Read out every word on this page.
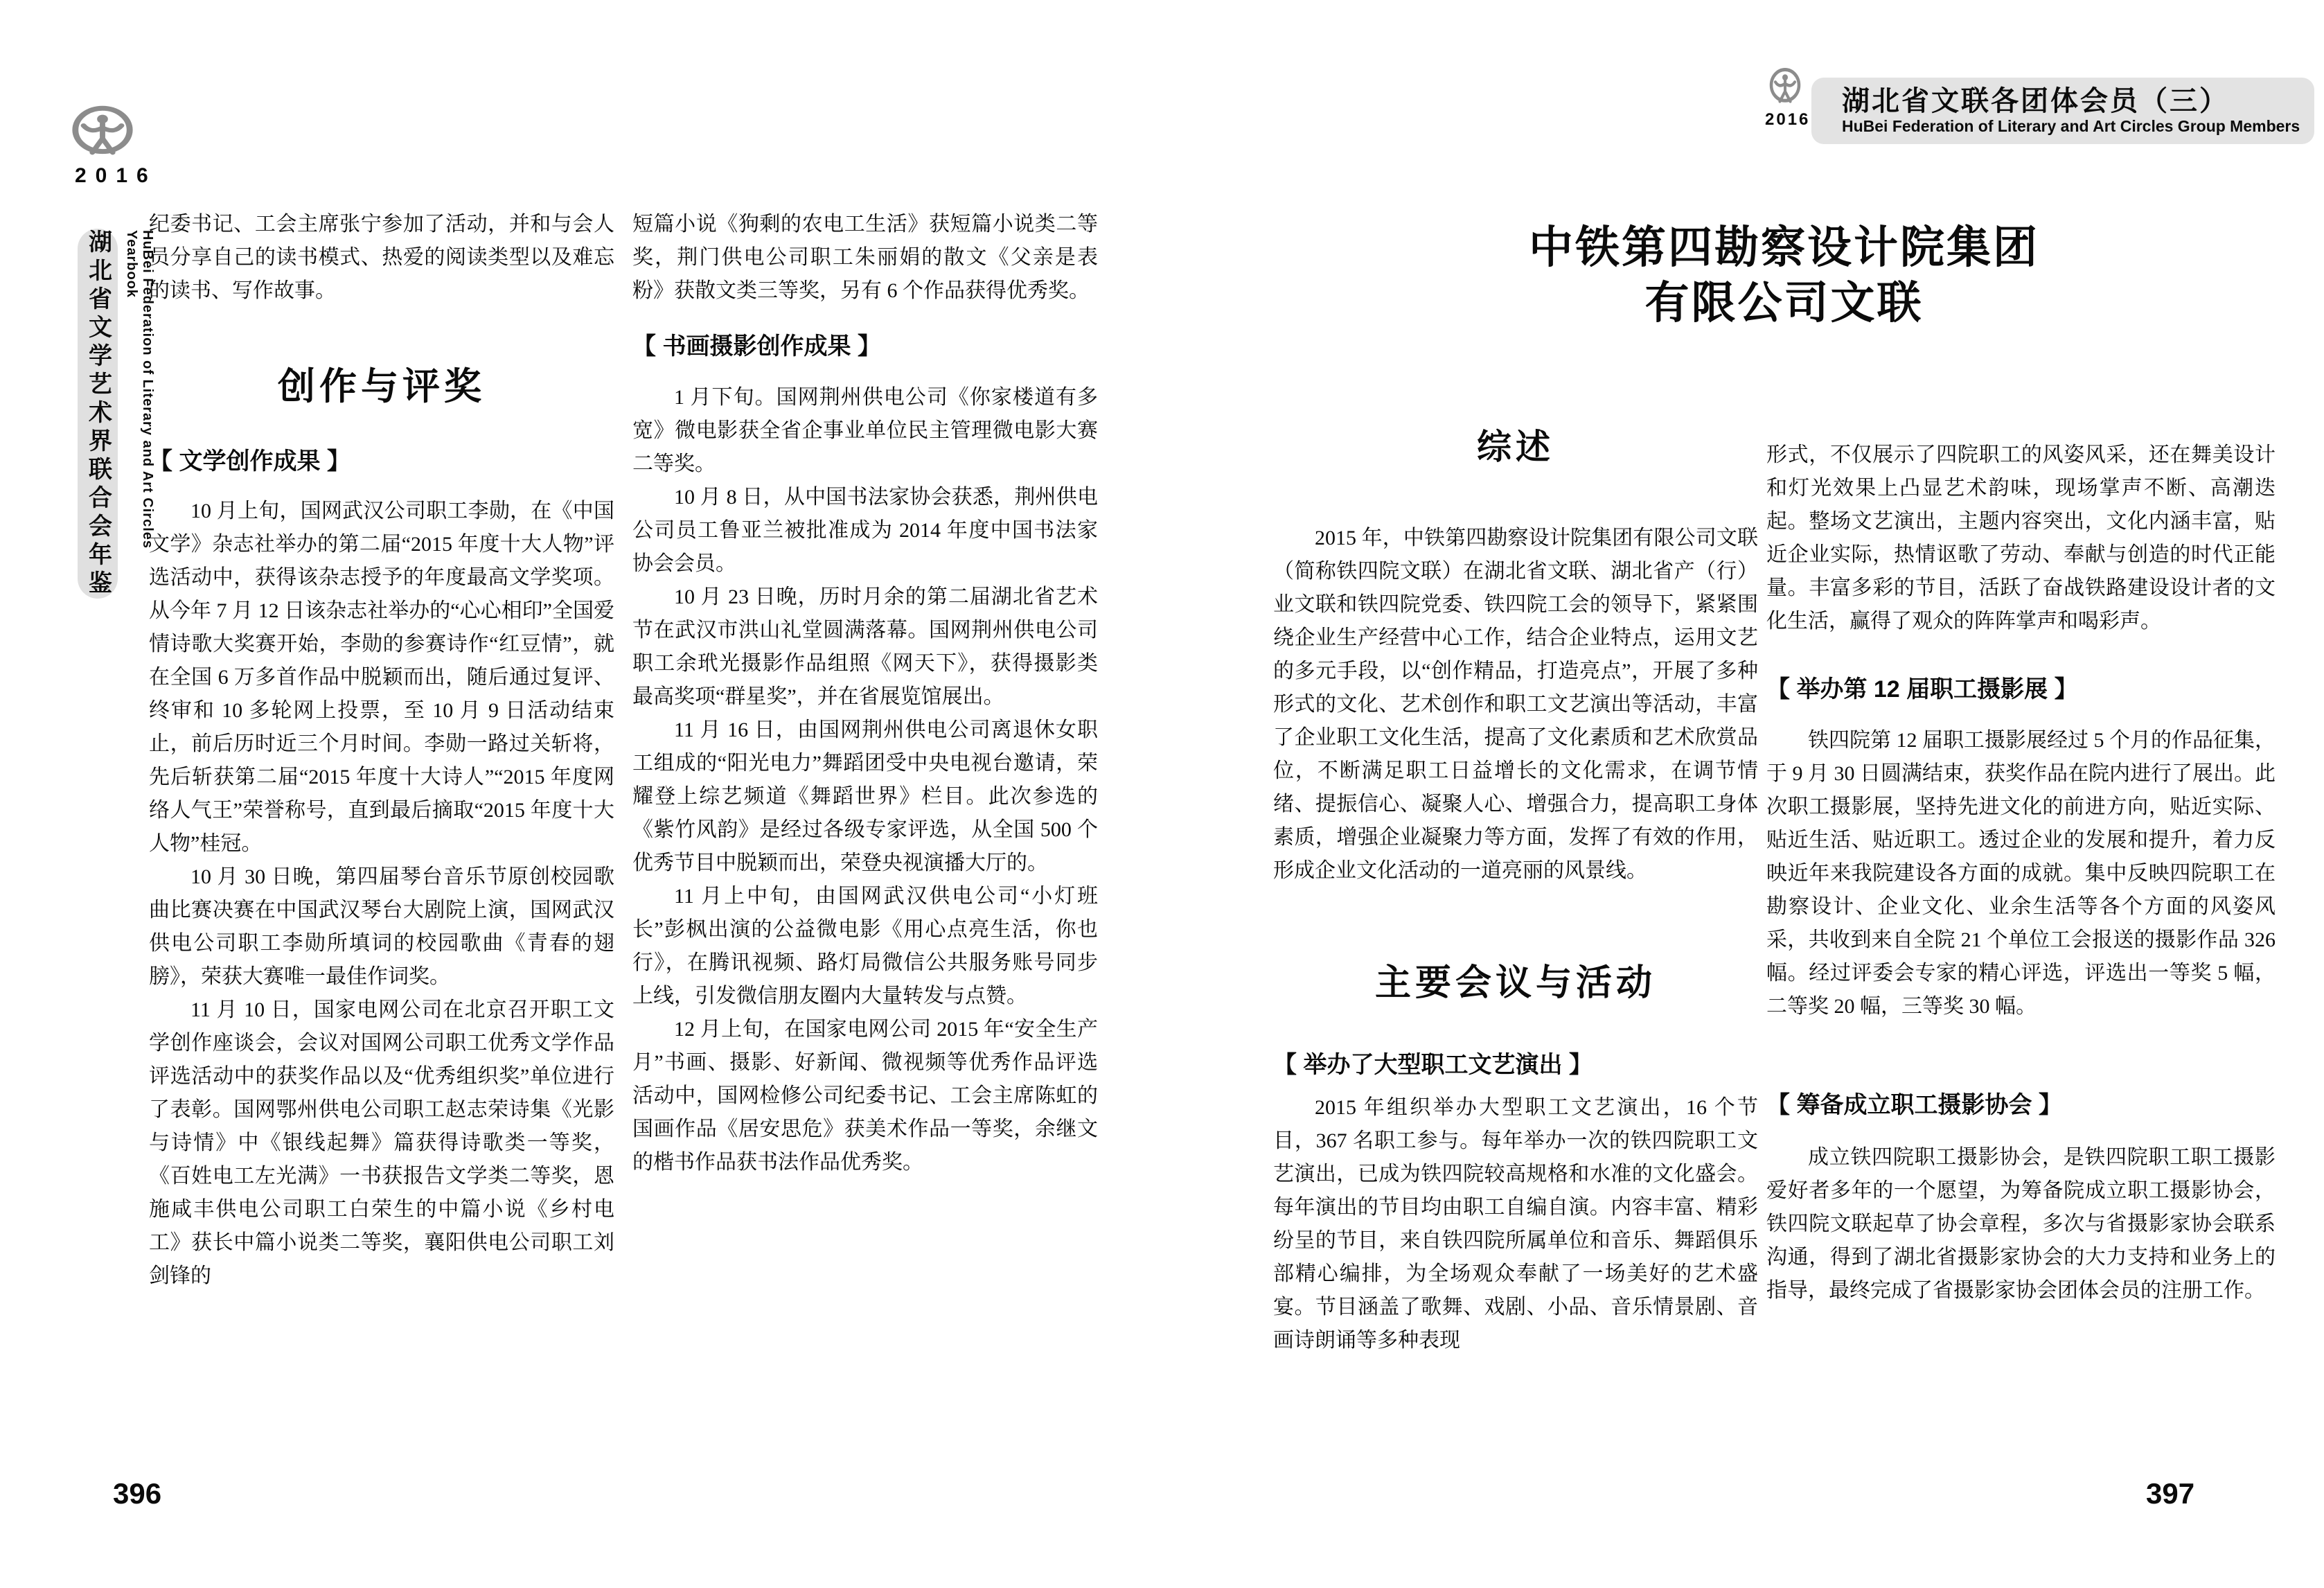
2016
湖北省文学艺术界联合会年鉴	HuBei Federation of Literary and Art Circles Yearbook
2016
湖北省文联各团体会员（三）
HuBei Federation of Literary and Art Circles Group Members

纪委书记、工会主席张宁参加了活动，并和与会人员分享自己的读书模式、热爱的阅读类型以及难忘的读书、写作故事。

创作与评奖
【 文学创作成果 】

10 月上旬，国网武汉公司职工李勋，在《中国文学》杂志社举办的第二届“2015 年度十大人物”评选活动中，获得该杂志授予的年度最高文学奖项。从今年 7 月 12 日该杂志社举办的“心心相印”全国爱情诗歌大奖赛开始，李勋的参赛诗作“红豆情”，就在全国 6 万多首作品中脱颖而出，随后通过复评、终审和 10 多轮网上投票，至 10 月 9 日活动结束止，前后历时近三个月时间。李勋一路过关斩将，先后斩获第二届“2015 年度十大诗人”“2015 年度网络人气王”荣誉称号，直到最后摘取“2015 年度十大人物”桂冠。

10 月 30 日晚，第四届琴台音乐节原创校园歌曲比赛决赛在中国武汉琴台大剧院上演，国网武汉供电公司职工李勋所填词的校园歌曲《青春的翅膀》，荣获大赛唯一最佳作词奖。

11 月 10 日，国家电网公司在北京召开职工文学创作座谈会，会议对国网公司职工优秀文学作品评选活动中的获奖作品以及“优秀组织奖”单位进行了表彰。国网鄂州供电公司职工赵志荣诗集《光影与诗情》中《银线起舞》篇获得诗歌类一等奖，《百姓电工左光满》一书获报告文学类二等奖，恩施咸丰供电公司职工白荣生的中篇小说《乡村电工》获长中篇小说类二等奖，襄阳供电公司职工刘剑锋的

短篇小说《狗剩的农电工生活》获短篇小说类二等奖，荆门供电公司职工朱丽娟的散文《父亲是表粉》获散文类三等奖，另有 6 个作品获得优秀奖。

【 书画摄影创作成果 】

1 月下旬。国网荆州供电公司《你家楼道有多宽》微电影获全省企事业单位民主管理微电影大赛二等奖。

10 月 8 日，从中国书法家协会获悉，荆州供电公司员工鲁亚兰被批准成为 2014 年度中国书法家协会会员。

10 月 23 日晚，历时月余的第二届湖北省艺术节在武汉市洪山礼堂圆满落幕。国网荆州供电公司职工余玳光摄影作品组照《网天下》，获得摄影类最高奖项“群星奖”，并在省展览馆展出。

11 月 16 日，由国网荆州供电公司离退休女职工组成的“阳光电力”舞蹈团受中央电视台邀请，荣耀登上综艺频道《舞蹈世界》栏目。此次参选的《紫竹风韵》是经过各级专家评选，从全国 500 个优秀节目中脱颖而出，荣登央视演播大厅的。

11 月上中旬，由国网武汉供电公司“小灯班长”彭枫出演的公益微电影《用心点亮生活，你也行》，在腾讯视频、路灯局微信公共服务账号同步上线，引发微信朋友圈内大量转发与点赞。

12 月上旬，在国家电网公司 2015 年“安全生产月”书画、摄影、好新闻、微视频等优秀作品评选活动中，国网检修公司纪委书记、工会主席陈虹的国画作品《居安思危》获美术作品一等奖，余继文的楷书作品获书法作品优秀奖。

中铁第四勘察设计院集团
有限公司文联
综述

2015 年，中铁第四勘察设计院集团有限公司文联（简称铁四院文联）在湖北省文联、湖北省产（行）业文联和铁四院党委、铁四院工会的领导下，紧紧围绕企业生产经营中心工作，结合企业特点，运用文艺的多元手段，以“创作精品，打造亮点”，开展了多种形式的文化、艺术创作和职工文艺演出等活动，丰富了企业职工文化生活，提高了文化素质和艺术欣赏品位，不断满足职工日益增长的文化需求，在调节情绪、提振信心、凝聚人心、增强合力，提高职工身体素质，增强企业凝聚力等方面，发挥了有效的作用，形成企业文化活动的一道亮丽的风景线。

主要会议与活动
【 举办了大型职工文艺演出 】

2015 年组织举办大型职工文艺演出，16 个节目，367 名职工参与。每年举办一次的铁四院职工文艺演出，已成为铁四院较高规格和水准的文化盛会。每年演出的节目均由职工自编自演。内容丰富、精彩纷呈的节目，来自铁四院所属单位和音乐、舞蹈俱乐部精心编排，为全场观众奉献了一场美好的艺术盛宴。节目涵盖了歌舞、戏剧、小品、音乐情景剧、音画诗朗诵等多种表现

形式，不仅展示了四院职工的风姿风采，还在舞美设计和灯光效果上凸显艺术韵味，现场掌声不断、高潮迭起。整场文艺演出，主题内容突出，文化内涵丰富，贴近企业实际，热情讴歌了劳动、奉献与创造的时代正能量。丰富多彩的节目，活跃了奋战铁路建设设计者的文化生活，赢得了观众的阵阵掌声和喝彩声。

【 举办第 12 届职工摄影展 】

铁四院第 12 届职工摄影展经过 5 个月的作品征集，于 9 月 30 日圆满结束，获奖作品在院内进行了展出。此次职工摄影展，坚持先进文化的前进方向，贴近实际、贴近生活、贴近职工。透过企业的发展和提升，着力反映近年来我院建设各方面的成就。集中反映四院职工在勘察设计、企业文化、业余生活等各个方面的风姿风采，共收到来自全院 21 个单位工会报送的摄影作品 326 幅。经过评委会专家的精心评选，评选出一等奖 5 幅，二等奖 20 幅，三等奖 30 幅。

【 筹备成立职工摄影协会 】

成立铁四院职工摄影协会，是铁四院职工职工摄影爱好者多年的一个愿望，为筹备院成立职工摄影协会，铁四院文联起草了协会章程，多次与省摄影家协会联系沟通，得到了湖北省摄影家协会的大力支持和业务上的指导，最终完成了省摄影家协会团体会员的注册工作。

396	397
